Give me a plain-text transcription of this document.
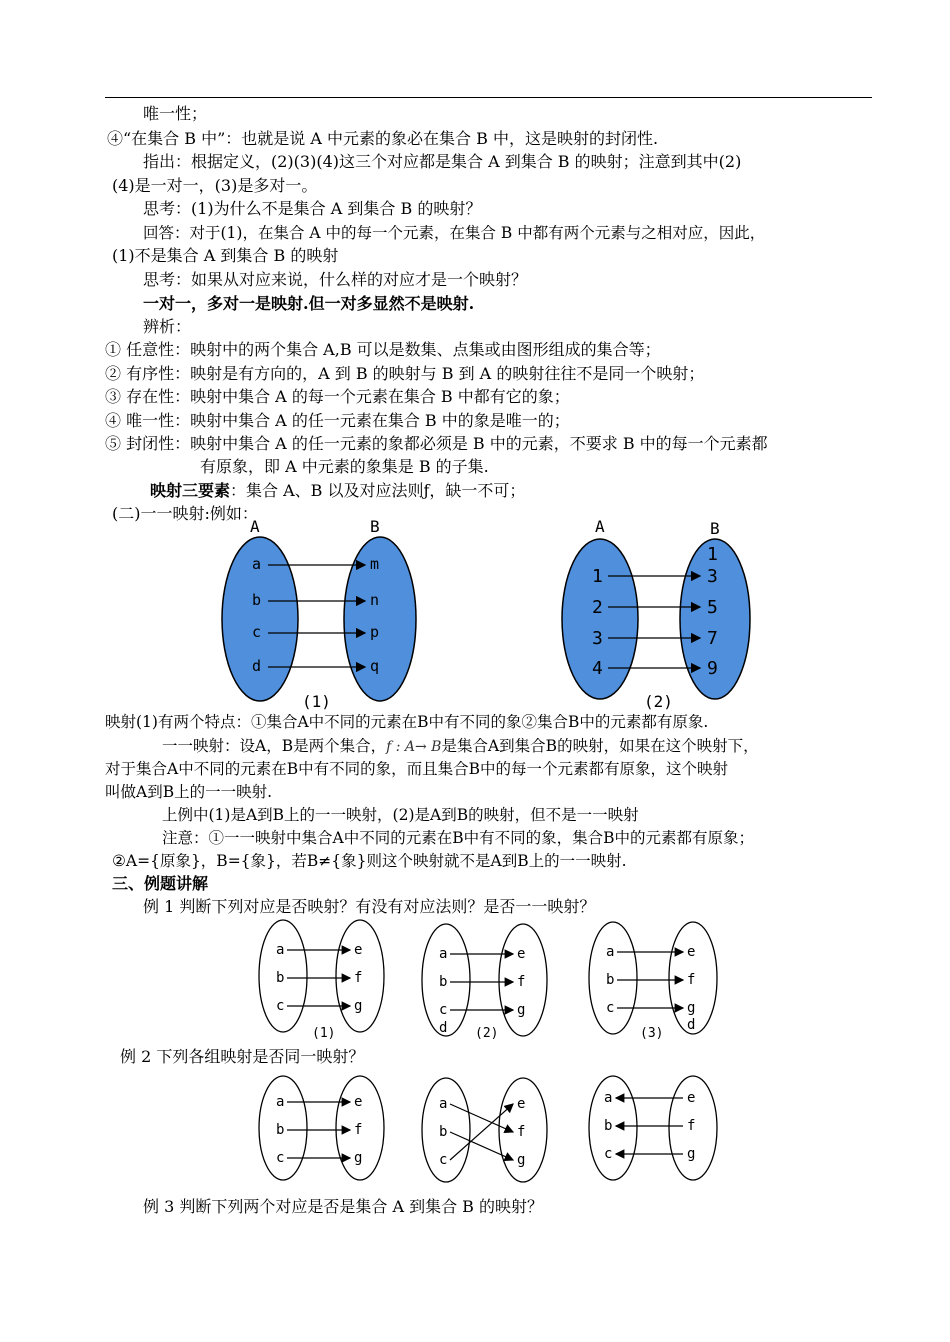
唯一性；
④“在集合 B 中”：也就是说 A 中元素的象必在集合 B 中，这是映射的封闭性.
指出：根据定义，(2)(3)(4)这三个对应都是集合 A 到集合 B 的映射；注意到其中(2)
(4)是一对一，(3)是多对一。
思考：(1)为什么不是集合 A 到集合 B 的映射？
回答：对于(1)，在集合 A 中的每一个元素，在集合 B 中都有两个元素与之相对应，因此，
(1)不是集合 A 到集合 B 的映射
思考：如果从对应来说，什么样的对应才是一个映射？
一对一，多对一是映射.但一对多显然不是映射.
辨析：
① 任意性：映射中的两个集合 A,B 可以是数集、点集或由图形组成的集合等；
② 有序性：映射是有方向的，A 到 B 的映射与 B 到 A 的映射往往不是同一个映射；
③ 存在性：映射中集合 A 的每一个元素在集合 B 中都有它的象；
④ 唯一性：映射中集合 A 的任一元素在集合 B 中的象是唯一的；
⑤ 封闭性：映射中集合 A 的任一元素的象都必须是 B 中的元素，不要求 B 中的每一个元素都
有原象，即 A 中元素的象集是 B 的子集.
映射三要素：集合 A、B 以及对应法则ƒ，缺一不可；
(二)一一映射:例如：
A	B
a
b
c
d
m
n
p
q
(1)
A	B
1
2
3
4
1
3
5
7
9
(2)
映射(1)有两个特点：①集合A中不同的元素在B中有不同的象②集合B中的元素都有原象.
一一映射：设A，B是两个集合，f : A→ B是集合A到集合B的映射，如果在这个映射下，
对于集合A中不同的元素在B中有不同的象，而且集合B中的每一个元素都有原象，这个映射
叫做A到B上的一一映射.
上例中(1)是A到B上的一一映射，(2)是A到B的映射，但不是一一映射
注意：①一一映射中集合A中不同的元素在B中有不同的象，集合B中的元素都有原象；
②A={原象}，B={象}，若B≠{象}则这个映射就不是A到B上的一一映射.
三、例题讲解
例 1 判断下列对应是否映射？有没有对应法则？是否一一映射？
a
b
c
e
f
g
(1)
a
b
c
d
e
f
g
(2)
a
b
c
e
f
g
d
(3)
例 2 下列各组映射是否同一映射？
a
b
c
e
f
g
a
b
c
e
f
g
a
b
c
e
f
g
例 3 判断下列两个对应是否是集合 A 到集合 B 的映射？
